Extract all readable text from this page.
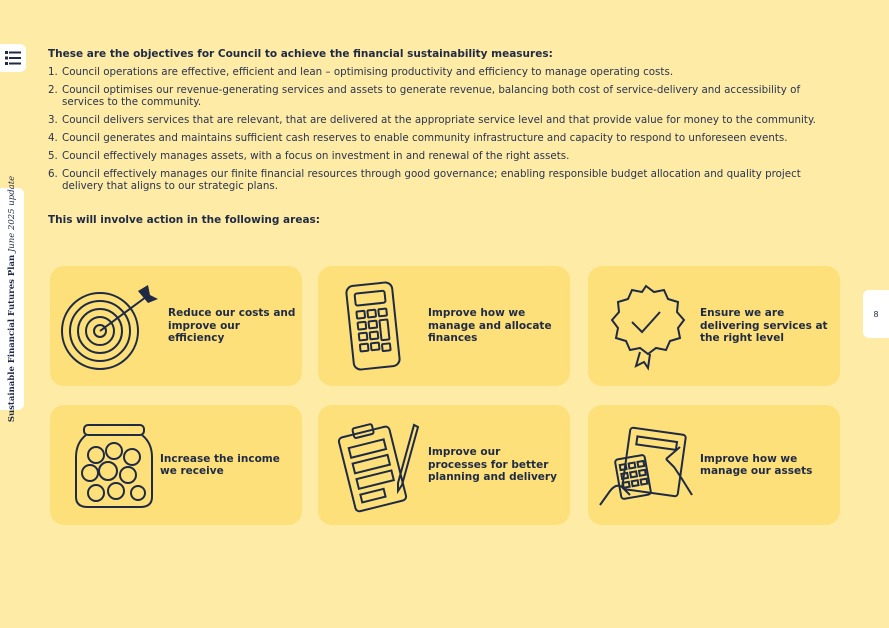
Sustainable Financial Futures Plan June 2025 update
8
These are the objectives for Council to achieve the financial sustainability measures:
1. Council operations are effective, efficient and lean – optimising productivity and efficiency to manage operating costs.
2. Council optimises our revenue-generating services and assets to generate revenue, balancing both cost of service-delivery and accessibility of services to the community.
3. Council delivers services that are relevant, that are delivered at the appropriate service level and that provide value for money to the community.
4. Council generates and maintains sufficient cash reserves to enable community infrastructure and capacity to respond to unforeseen events.
5. Council effectively manages assets, with a focus on investment in and renewal of the right assets.
6. Council effectively manages our finite financial resources through good governance; enabling responsible budget allocation and quality project delivery that aligns to our strategic plans.
This will involve action in the following areas:
Reduce our costs and improve our efficiency
Improve how we manage and allocate finances
Ensure we are delivering services at the right level
Increase the income we receive
Improve our processes for better planning and delivery
Improve how we manage our assets
